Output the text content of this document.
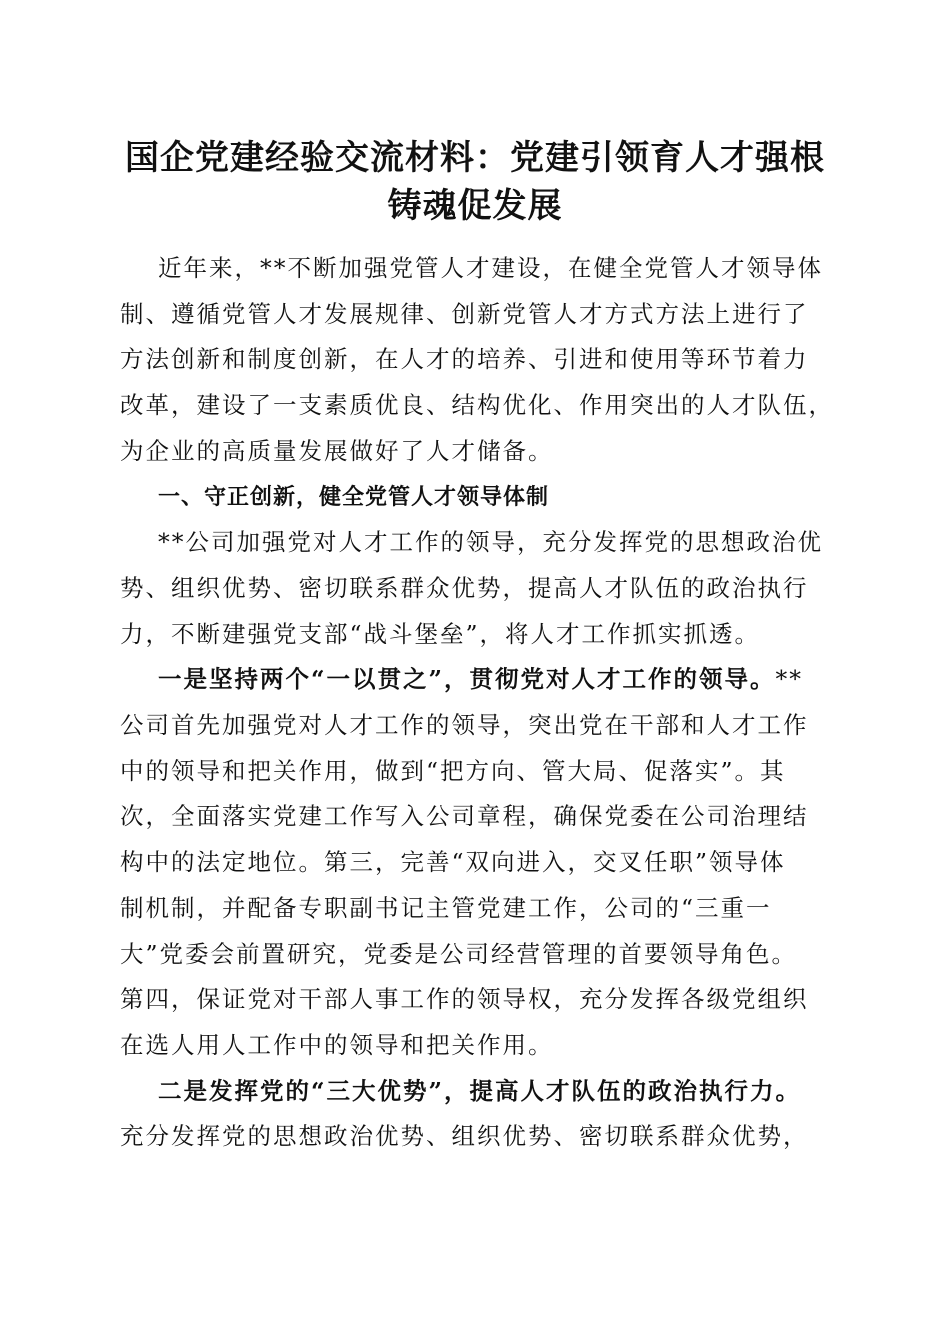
国企党建经验交流材料：党建引领育人才强根
铸魂促发展

近年来，**不断加强党管人才建设，在健全党管人才领导体
制、遵循党管人才发展规律、创新党管人才方式方法上进行了
方法创新和制度创新，在人才的培养、引进和使用等环节着力
改革，建设了一支素质优良、结构优化、作用突出的人才队伍，
为企业的高质量发展做好了人才储备。

一、守正创新，健全党管人才领导体制

**公司加强党对人才工作的领导，充分发挥党的思想政治优
势、组织优势、密切联系群众优势，提高人才队伍的政治执行
力，不断建强党支部“战斗堡垒”，将人才工作抓实抓透。

一是坚持两个“一以贯之”，贯彻党对人才工作的领导。**
公司首先加强党对人才工作的领导，突出党在干部和人才工作
中的领导和把关作用，做到“把方向、管大局、促落实”。其
次，全面落实党建工作写入公司章程，确保党委在公司治理结
构中的法定地位。第三，完善“双向进入，交叉任职”领导体
制机制，并配备专职副书记主管党建工作，公司的“三重一
大”党委会前置研究，党委是公司经营管理的首要领导角色。
第四，保证党对干部人事工作的领导权，充分发挥各级党组织
在选人用人工作中的领导和把关作用。

二是发挥党的“三大优势”，提高人才队伍的政治执行力。
充分发挥党的思想政治优势、组织优势、密切联系群众优势，
